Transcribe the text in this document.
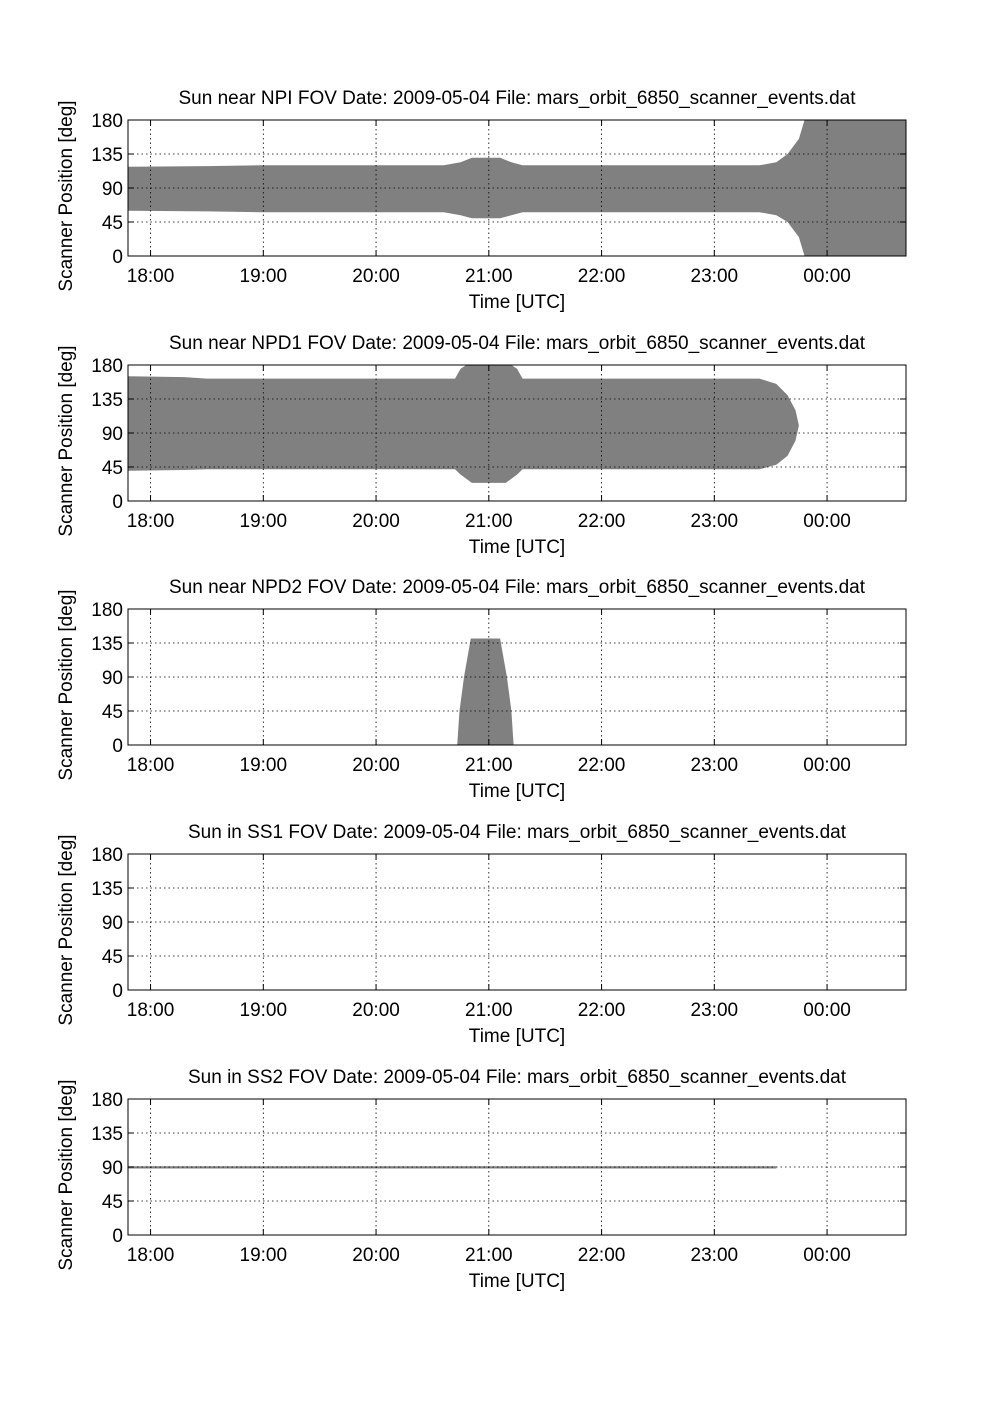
18:00	19:00	20:00	21:00	22:00	23:00	00:00
0
45
90
135
180
Sun near NPI FOV Date: 2009-05-04 File: mars_orbit_6850_scanner_events.dat
Time [UTC]
Scanner Position [deg]
18:00	19:00	20:00	21:00	22:00	23:00	00:00
0
45
90
135
180
Sun near NPD1 FOV Date: 2009-05-04 File: mars_orbit_6850_scanner_events.dat
Time [UTC]
Scanner Position [deg]
18:00	19:00	20:00	21:00	22:00	23:00	00:00
0
45
90
135
180
Sun near NPD2 FOV Date: 2009-05-04 File: mars_orbit_6850_scanner_events.dat
Time [UTC]
Scanner Position [deg]
18:00	19:00	20:00	21:00	22:00	23:00	00:00
0
45
90
135
180
Sun in SS1 FOV Date: 2009-05-04 File: mars_orbit_6850_scanner_events.dat
Time [UTC]
Scanner Position [deg]
18:00	19:00	20:00	21:00	22:00	23:00	00:00
0
45
90
135
180
Sun in SS2 FOV Date: 2009-05-04 File: mars_orbit_6850_scanner_events.dat
Time [UTC]
Scanner Position [deg]
